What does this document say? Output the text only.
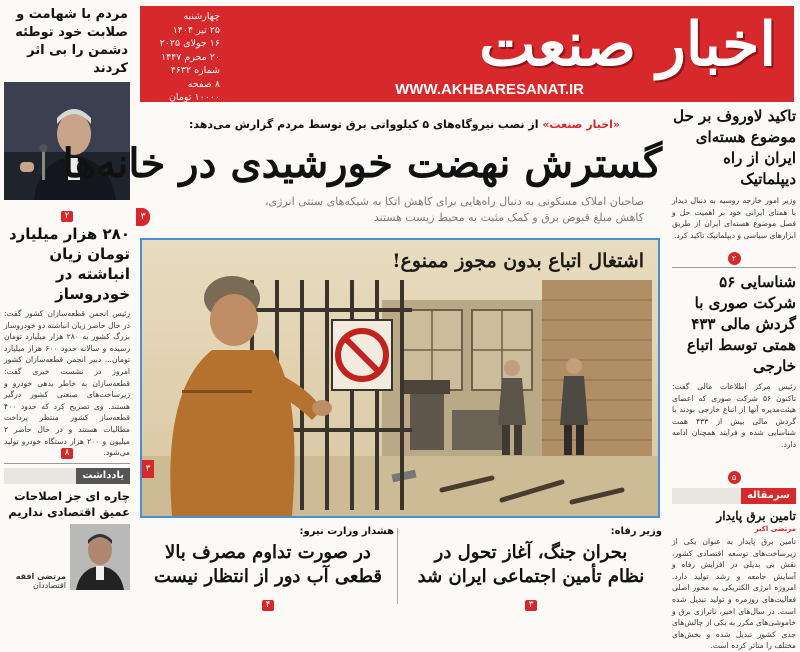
اخبار صنعت
WWW.AKHBARESANAT.IR
چهارشنبه
۲۵ تیر ۱۴۰۴
۱۶ جولای ۲۰۲۵
۲۰ محرم ۱۴۴۷
شماره ۴۶۳۲
۸ صفحه
۱۰۰۰۰ تومان
مردم با شهامت و صلابت خود توطئه دشمن را بی اثر کردند
۲
۲۸۰ هزار میلیارد تومان زیان انباشته در خودروساز
رئیس انجمن قطعه‌سازان کشور گفت: در حال حاضر زیان انباشته دو خودروساز بزرگ کشور به ۲۸۰ هزار میلیارد تومان رسیده و سالانه حدود ۶۰۰ هزار میلیارد تومان... دبیر انجمن قطعه‌سازان کشور امروز در نشست خبری گفت: قطعه‌سازان به خاطر بدهی خودرو و زیرساخت‌های صنعتی کشور درگیر هستند. وی تصریح کرد که حدود ۴۰۰ قطعه‌ساز کشور منتظر پرداخت مطالبات هستند و در حال حاضر ۲ میلیون و ۲۰۰ هزار دستگاه خودرو تولید می‌شود.
۸
یادداشت
چاره ای جز اصلاحات عمیق اقتصادی نداریم
مرتضی افقه
اقتصاددان
«اخبار صنعت» از نصب نیروگاه‌های ۵ کیلوواتی برق توسط مردم گزارش می‌دهد:
گسترش نهضت خورشیدی در خانه‌ها
صاحبان املاک مسکونی به دنبال راه‌هایی برای کاهش اتکا به شبکه‌های سنتی انرژی،
کاهش مبلغ قبوض برق و کمک مثبت به محیط زیست هستند
۳
اشتغال اتباع بدون مجوز ممنوع!
۳
هشدار وزارت نیرو:
در صورت تداوم مصرف بالا
قطعی آب دور از انتظار نیست
۴
وزیر رفاه:
بحران جنگ، آغاز تحول در
نظام تأمین اجتماعی ایران شد
۳
تاکید لاوروف بر حل موضوع هسته‌ای ایران از راه دیپلماتیک
وزیر امور خارجه روسیه به دنبال دیدار با همتای ایرانی خود بر اهمیت حل و فصل موضوع هسته‌ای ایران از طریق ابزارهای سیاسی و دیپلماتیک تاکید کرد.
۲
شناسایی ۵۶ شرکت صوری با گردش مالی ۴۳۳ همتی توسط اتباع خارجی
رئیس مرکز اطلاعات مالی گفت: تاکنون ۵۶ شرکت صوری که اعضای هیئت‌مدیره آنها از اتباع خارجی بودند با گردش مالی بیش از ۴۳۳ همت شناسایی شده و فرایند همچنان ادامه دارد.
۵
سرمقاله
تامین برق پایدار
مرتضی اکبر
تامین برق پایدار به عنوان یکی از زیرساخت‌های توسعه اقتصادی کشور، نقش بی بدیلی در افزایش رفاه و آسایش جامعه و رشد تولید دارد. امروزه انرژی الکتریکی به محور اصلی فعالیت‌های روزمره و تولید تبدیل شده است. در سال‌های اخیر، ناترازی برق و خاموشی‌های مکرر به یکی از چالش‌های جدی کشور تبدیل شده و بخش‌های مختلف را متاثر کرده است.
